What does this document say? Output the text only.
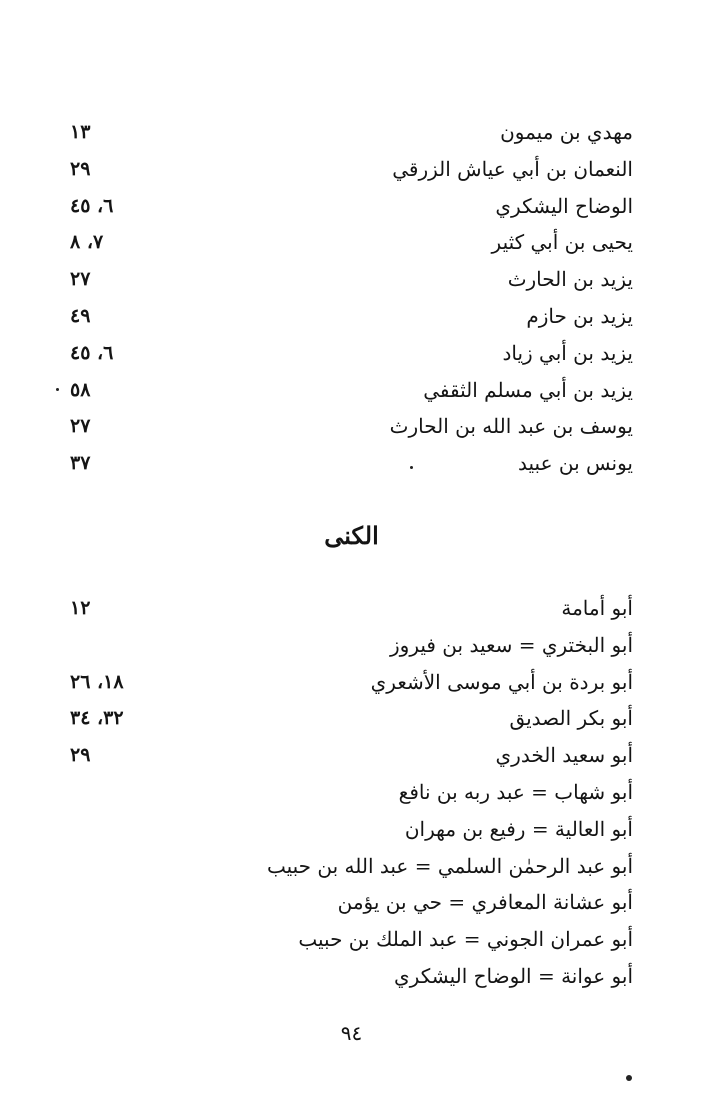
مهدي بن ميمون
١٣
النعمان بن أبي عياش الزرقي
٢٩
الوضاح اليشكري
٦، ٤٥
يحيى بن أبي كثير
٧، ٨
يزيد بن الحارث
٢٧
يزيد بن حازم
٤٩
يزيد بن أبي زياد
٦، ٤٥
يزيد بن أبي مسلم الثقفي
٥٨
يوسف بن عبد الله بن الحارث
٢٧
يونس بن عبيد
٣٧
الكنى
أبو أمامة
١٢
أبو البختري = سعيد بن فيروز
أبو بردة بن أبي موسى الأشعري
١٨، ٢٦
أبو بكر الصديق
٣٢، ٣٤
أبو سعيد الخدري
٢٩
أبو شهاب = عبد ربه بن نافع
أبو العالية = رفيع بن مهران
أبو عبد الرحمٰن السلمي = عبد الله بن حبيب
أبو عشانة المعافري = حي بن يؤمن
أبو عمران الجوني = عبد الملك بن حبيب
أبو عوانة = الوضاح اليشكري
٩٤
